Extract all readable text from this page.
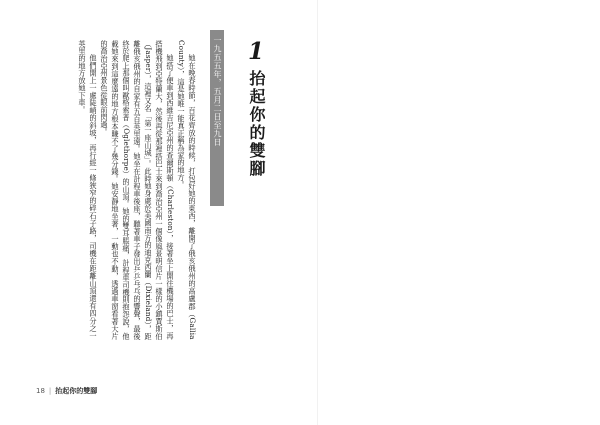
1
抬起你的雙腳
一九五五年，五月二日至九日

她在晚春時節，百花齊放的時候，打包好她的東西，離開了俄亥俄州的高盧郡（Gallia County），這是她唯一能真正稱為家的地方。

她搭了便車到西維吉尼亞州的查爾斯頓（Charleston），接著坐上開往機場的巴士，再搭機飛到亞特蘭大，然後再從那裡搭巴士來到喬治亞州一個像風景明信片一樣的小鎮賈斯伯（Jasper），這裡又名「第一座山城」。此時她身處於美國南方的迪克西蘭（Dixieland），距離俄亥俄州的自家有五百英里遠。她坐在計程車後座，聽著車子發出乒乒乓乓的響聲，最後終於爬上那個叫歐格索普（Oglethorpe）的山頂。她的雙耳脹痛，計程車司機則抱怨說，他載她來到這麼遠的地方根本賺不了幾分錢。她安靜地坐著，一動也不動，透過車窗看著大片的喬治亞州景色從眼前閃過。

他們開上一處陡峭的斜坡，再行經一條狹窄的碎石子路，司機在距離山頂還有四分之一英里的地方放她下車。

18 | 抬起你的雙腳
